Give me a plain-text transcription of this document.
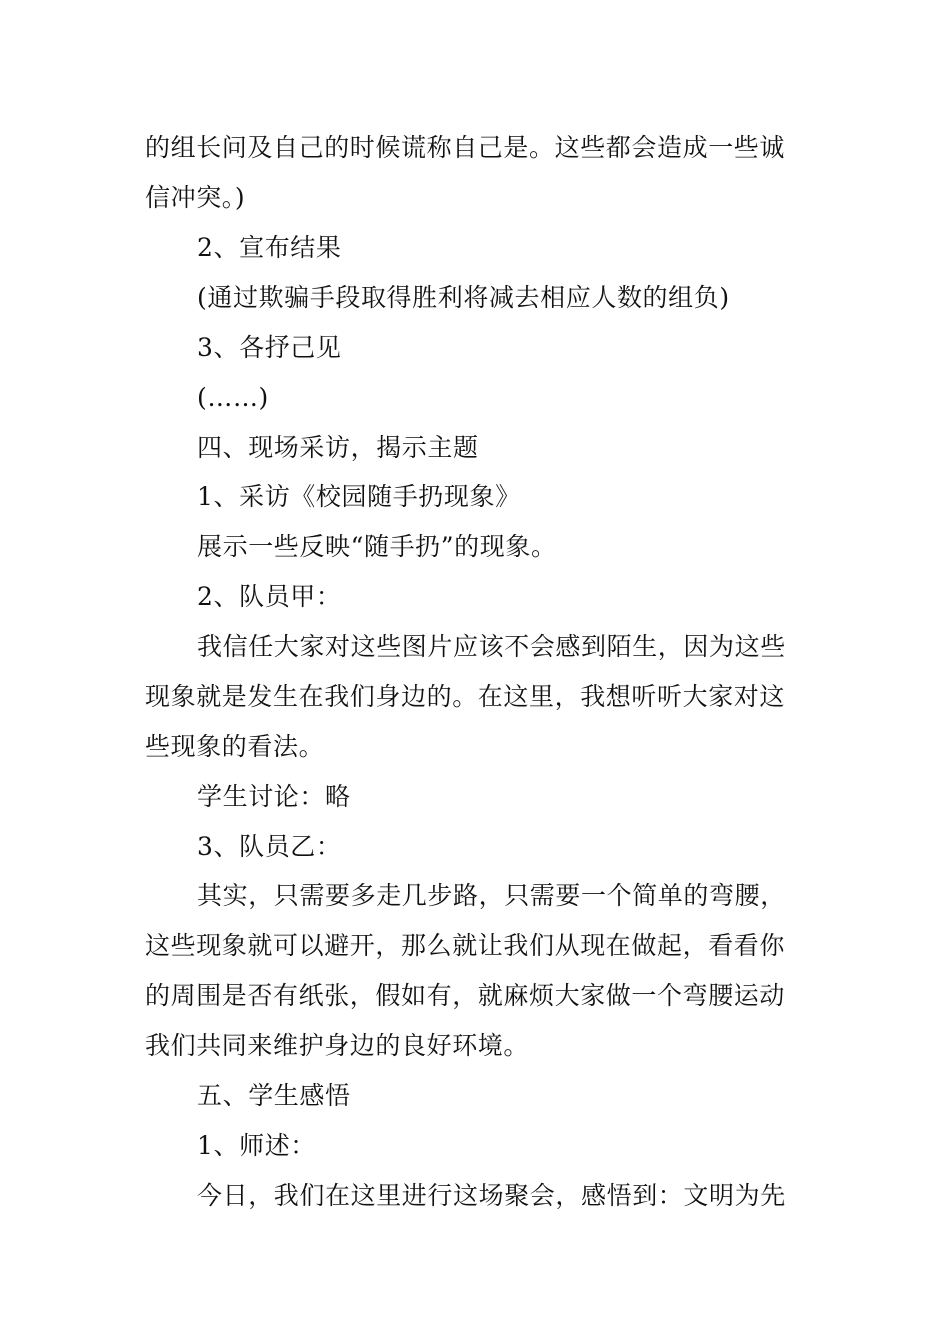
的组长问及自己的时候谎称自己是。这些都会造成一些诚
信冲突。)
2、宣布结果
(通过欺骗手段取得胜利将减去相应人数的组负)
3、各抒己见
(……)
四、现场采访，揭示主题
1、采访《校园随手扔现象》
展示一些反映“随手扔”的现象。
2、队员甲：
我信任大家对这些图片应该不会感到陌生，因为这些
现象就是发生在我们身边的。在这里，我想听听大家对这
些现象的看法。
学生讨论：略
3、队员乙：
其实，只需要多走几步路，只需要一个简单的弯腰，
这些现象就可以避开，那么就让我们从现在做起，看看你
的周围是否有纸张，假如有，就麻烦大家做一个弯腰运动
我们共同来维护身边的良好环境。
五、学生感悟
1、师述：
今日，我们在这里进行这场聚会，感悟到：文明为先
